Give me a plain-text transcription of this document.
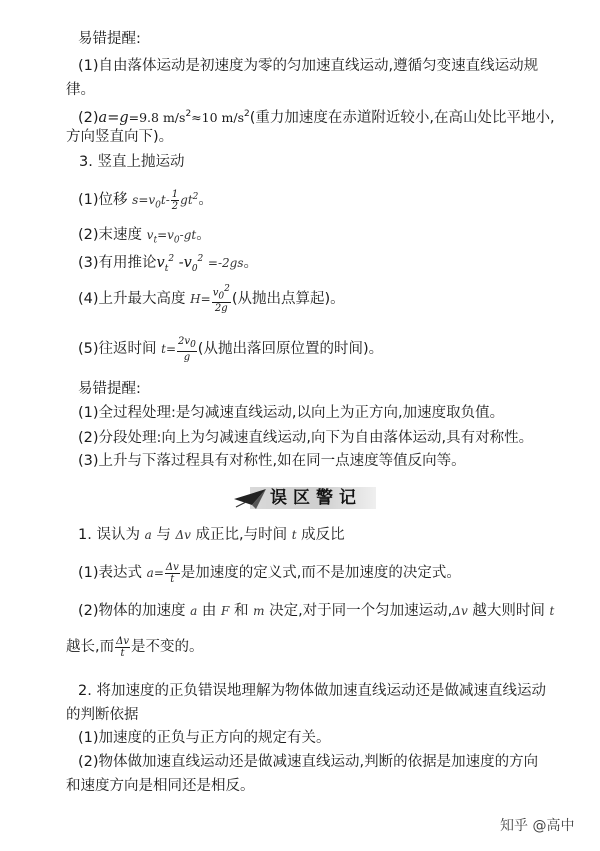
易错提醒:
(1)自由落体运动是初速度为零的匀加速直线运动,遵循匀变速直线运动规
律。
(2)a=g=9.8 $m/s^2\approx 10$ $m/s^2$(重力加速度在赤道附近较小,在高山处比平地小,
方向竖直向下)。
3. 竖直上抛运动
(1)位移 $s=v_0t- \frac{1}{2} gt^2$。
(2)末速度 $v_t=v_0-gt$。
(3)有用推论$v_t^2$ $-v_0^2 =-2gs$。
(4)上升最大高度 $H= \frac{v_0^2}{2g}$ (从抛出点算起)。
(5)往返时间 $t= \frac{2v_0}{g}$ (从抛出落回原位置的时间)。
易错提醒:
(1)全过程处理:是匀减速直线运动,以向上为正方向,加速度取负值。
(2)分段处理:向上为匀减速直线运动,向下为自由落体运动,具有对称性。
(3)上升与下落过程具有对称性,如在同一点速度等值反向等。
误区警记
1. 误认为 a 与 Δv 成正比,与时间 t 成反比
(1)表达式 $a= \frac{\Delta v}{t}$ 是加速度的定义式,而不是加速度的决定式。
(2)物体的加速度 a 由 F 和 m 决定,对于同一个匀加速运动,Δv 越大则时间 t
越长,而 $\frac{\Delta v}{t}$ 是不变的。
2. 将加速度的正负错误地理解为物体做加速直线运动还是做减速直线运动
的判断依据
(1)加速度的正负与正方向的规定有关。
(2)物体做加速直线运动还是做减速直线运动,判断的依据是加速度的方向
和速度方向是相同还是相反。
知乎 @高中
